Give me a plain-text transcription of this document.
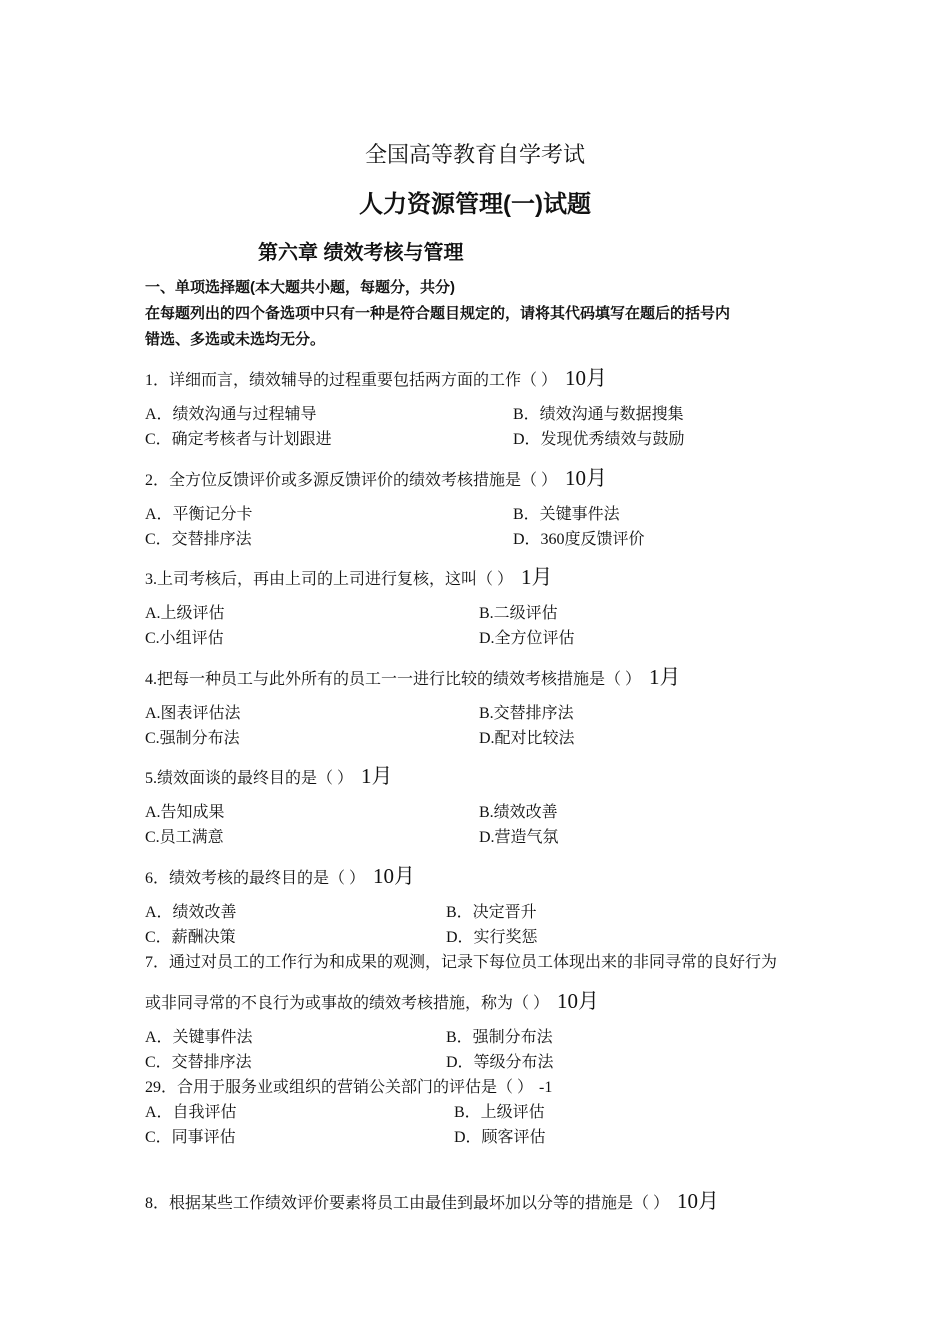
全国高等教育自学考试
人力资源管理(一)试题
第六章 绩效考核与管理
一、单项选择题(本大题共小题，每题分，共分)
在每题列出的四个备选项中只有一种是符合题目规定的，请将其代码填写在题后的括号内
错选、多选或未选均无分。
1．详细而言，绩效辅导的过程重要包括两方面的工作（ ） 10月
A．绩效沟通与过程辅导	B．绩效沟通与数据搜集
C．确定考核者与计划跟进	D．发现优秀绩效与鼓励
2．全方位反馈评价或多源反馈评价的绩效考核措施是（ ） 10月
A．平衡记分卡	B．关键事件法
C．交替排序法	D．360度反馈评价
3.上司考核后，再由上司的上司进行复核，这叫（ ） 1月
A.上级评估	B.二级评估
C.小组评估	D.全方位评估
4.把每一种员工与此外所有的员工一一进行比较的绩效考核措施是（ ） 1月
A.图表评估法	B.交替排序法
C.强制分布法	D.配对比较法
5.绩效面谈的最终目的是（ ） 1月
A.告知成果	B.绩效改善
C.员工满意	D.营造气氛
6．绩效考核的最终目的是（ ） 10月
A．绩效改善	B．决定晋升
C．薪酬决策	D．实行奖惩
7．通过对员工的工作行为和成果的观测，记录下每位员工体现出来的非同寻常的良好行为
或非同寻常的不良行为或事故的绩效考核措施，称为（ ） 10月
A．关键事件法	B．强制分布法
C．交替排序法	D．等级分布法
29．合用于服务业或组织的营销公关部门的评估是（ ） -1
A．自我评估	B．上级评估
C．同事评估	D．顾客评估
8．根据某些工作绩效评价要素将员工由最佳到最坏加以分等的措施是（ ） 10月
